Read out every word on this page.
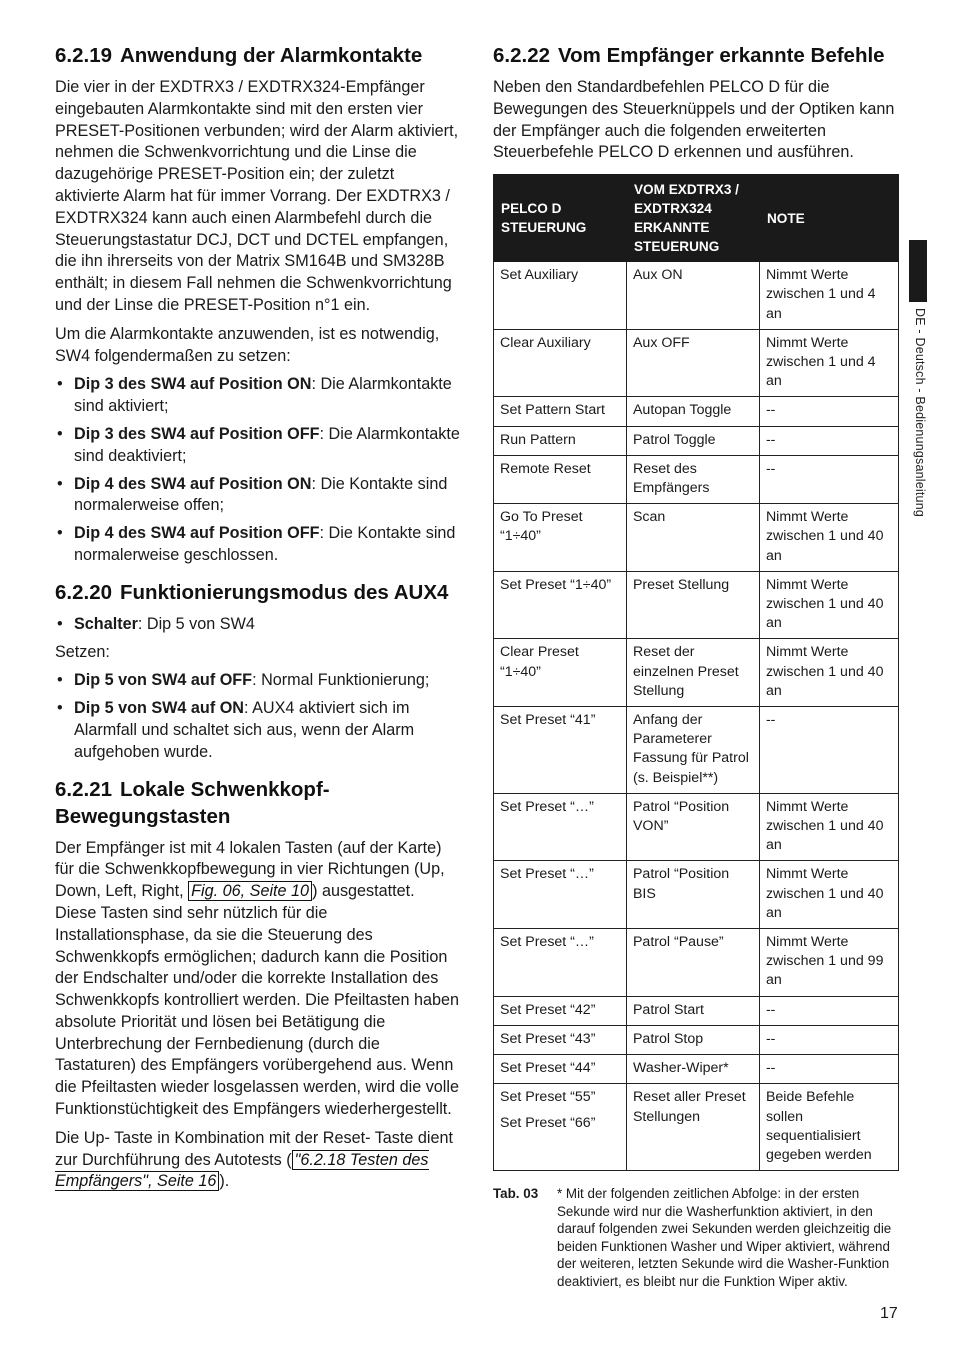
6.2.19 Anwendung der Alarmkontakte

Die vier in der EXDTRX3 / EXDTRX324-Empfänger eingebauten Alarmkontakte sind mit den ersten vier PRESET-Positionen verbunden; wird der Alarm aktiviert, nehmen die Schwenkvorrichtung und die Linse die dazugehörige PRESET-Position ein; der zuletzt aktivierte Alarm hat für immer Vorrang. Der EXDTRX3 / EXDTRX324 kann auch einen Alarmbefehl durch die Steuerungstastatur DCJ, DCT und DCTEL empfangen, die ihn ihrerseits von der Matrix SM164B und SM328B enthält; in diesem Fall nehmen die Schwenkvorrichtung und der Linse die PRESET-Position n°1 ein.

Um die Alarmkontakte anzuwenden, ist es notwendig, SW4 folgendermaßen zu setzen:

• Dip 3 des SW4 auf Position ON: Die Alarmkontakte sind aktiviert;
• Dip 3 des SW4 auf Position OFF: Die Alarmkontakte sind deaktiviert;
• Dip 4 des SW4 auf Position ON: Die Kontakte sind normalerweise offen;
• Dip 4 des SW4 auf Position OFF: Die Kontakte sind normalerweise geschlossen.
6.2.20 Funktionierungsmodus des AUX4
• Schalter: Dip 5 von SW4

Setzen:

• Dip 5 von SW4 auf OFF: Normal Funktionierung;
• Dip 5 von SW4 auf ON: AUX4 aktiviert sich im Alarmfall und schaltet sich aus, wenn der Alarm aufgehoben wurde.
6.2.21 Lokale Schwenkkopf-Bewegungstasten

Der Empfänger ist mit 4 lokalen Tasten (auf der Karte) für die Schwenkkopfbewegung in vier Richtungen (Up, Down, Left, Right, Fig. 06, Seite 10 ) ausgestattet. Diese Tasten sind sehr nützlich für die Installationsphase, da sie die Steuerung des Schwenkkopfs ermöglichen; dadurch kann die Position der Endschalter und/oder die korrekte Installation des Schwenkkopfs kontrolliert werden. Die Pfeiltasten haben absolute Priorität und lösen bei Betätigung die Unterbrechung der Fernbedienung (durch die Tastaturen) des Empfängers vorübergehend aus. Wenn die Pfeiltasten wieder losgelassen werden, wird die volle Funktionstüchtigkeit des Empfängers wiederhergestellt.

Die Up- Taste in Kombination mit der Reset- Taste dient zur Durchführung des Autotests ( "6.2.18 Testen des Empfängers", Seite 16 ).

6.2.22 Vom Empfänger erkannte Befehle

Neben den Standardbefehlen PELCO D für die Bewegungen des Steuerknüppels und der Optiken kann der Empfänger auch die folgenden erweiterten Steuerbefehle PELCO D erkennen und ausführen.

PELCO D STEUERUNG	VOM EXDTRX3 / EXDTRX324 ERKANNTE STEUERUNG	NOTE
Set Auxiliary	Aux ON	Nimmt Werte zwischen 1 und 4 an
Clear Auxiliary	Aux OFF	Nimmt Werte zwischen 1 und 4 an
Set Pattern Start	Autopan Toggle	--
Run Pattern	Patrol Toggle	--
Remote Reset	Reset des Empfängers	--
Go To Preset “1÷40”	Scan	Nimmt Werte zwischen 1 und 40 an
Set Preset “1÷40”	Preset Stellung	Nimmt Werte zwischen 1 und 40 an
Clear Preset “1÷40”	Reset der einzelnen Preset Stellung	Nimmt Werte zwischen 1 und 40 an
Set Preset “41”	Anfang der Parameterer Fassung für Patrol (s. Beispiel**)	--
Set Preset “…”	Patrol “Position VON”	Nimmt Werte zwischen 1 und 40 an
Set Preset “…”	Patrol “Position BIS	Nimmt Werte zwischen 1 und 40 an
Set Preset “…”	Patrol “Pause”	Nimmt Werte zwischen 1 und 99 an
Set Preset “42”	Patrol Start	--
Set Preset “43”	Patrol Stop	--
Set Preset “44”	Washer-Wiper*	--

Set Preset “55”
Set Preset “66”	Reset aller Preset Stellungen	Beide Befehle sollen sequentialisiert gegeben werden
Tab. 03	* Mit der folgenden zeitlichen Abfolge: in der ersten Sekunde wird nur die Washerfunktion aktiviert, in den darauf folgenden zwei Sekunden werden gleichzeitig die beiden Funktionen Washer und Wiper aktiviert, während der weiteren, letzten Sekunde wird die Washer-Funktion deaktiviert, es bleibt nur die Funktion Wiper aktiv.
DE - Deutsch - Bedienungsanleitung
17
